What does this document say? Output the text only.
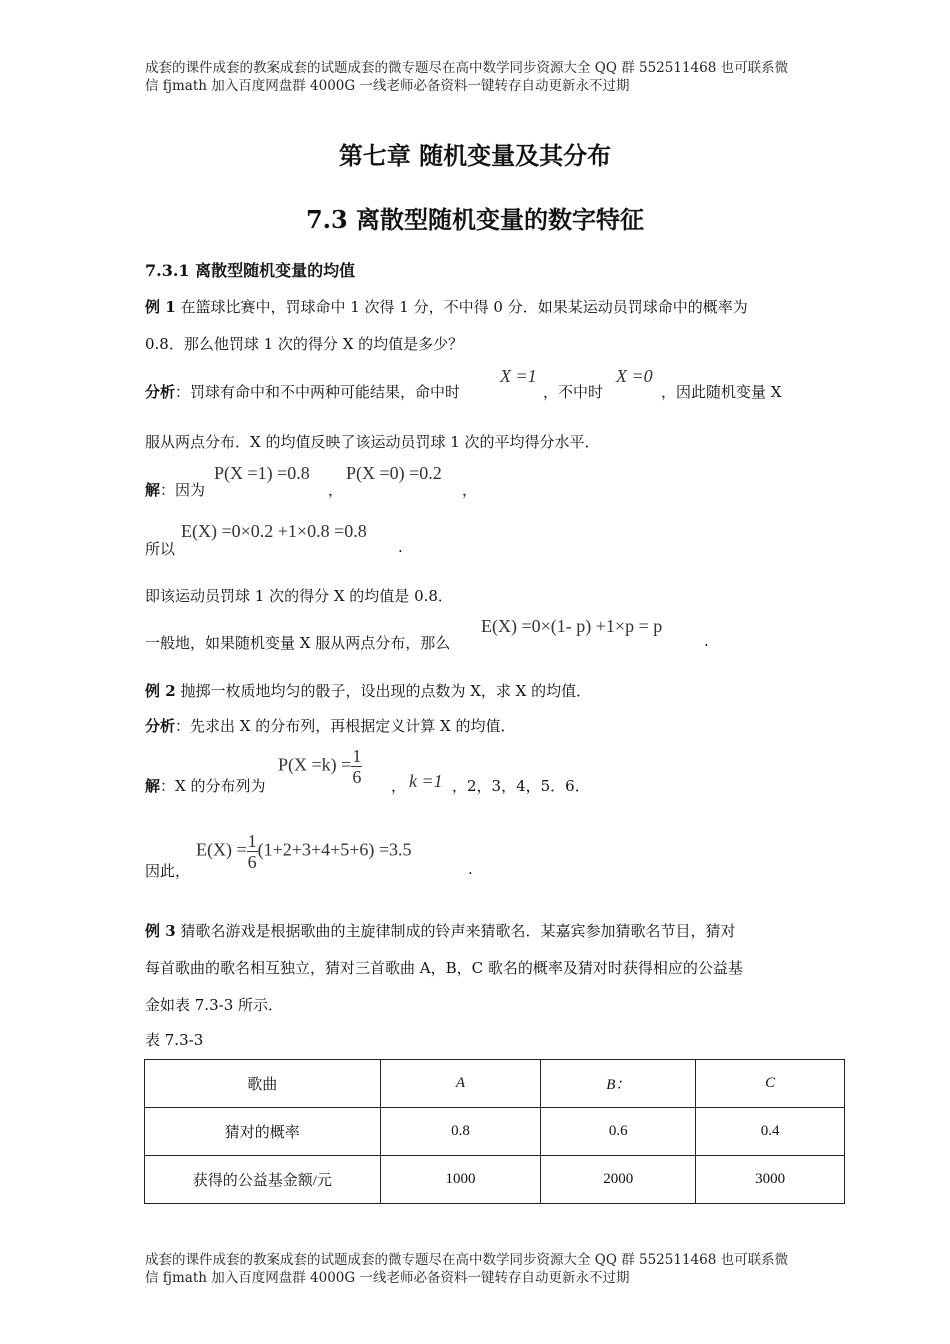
成套的课件成套的教案成套的试题成套的微专题尽在高中数学同步资源大全 QQ 群 552511468 也可联系微
信 fjmath 加入百度网盘群 4000G 一线老师必备资料一键转存自动更新永不过期
第七章 随机变量及其分布
7.3 离散型随机变量的数字特征
7.3.1 离散型随机变量的均值
例 1 在篮球比赛中，罚球命中 1 次得 1 分，不中得 0 分．如果某运动员罚球命中的概率为
0.8．那么他罚球 1 次的得分 X 的均值是多少？
分析：罚球有命中和不中两种可能结果，命中时
X =1
，不中时
X =0
，因此随机变量 X
服从两点分布．X 的均值反映了该运动员罚球 1 次的平均得分水平．
解：因为
P(X =1) =0.8
，
P(X =0) =0.2
，
所以
E(X) =0×0.2 +1×0.8 =0.8
.
即该运动员罚球 1 次的得分 X 的均值是 0.8．
一般地，如果随机变量 X 服从两点分布，那么
E(X) =0×(1- p) +1×p = p
.
例 2 抛掷一枚质地均匀的骰子，设出现的点数为 X，求 X 的均值．
分析：先求出 X 的分布列，再根据定义计算 X 的均值．
解：X 的分布列为
$P(X =k) = \frac{1}{6}$ ， k =1 ，2，3，4，5．6．
因此，
$E(X) = \frac{1}{6} (1+2+3+4+5+6) =3.5$
.
例 3 猜歌名游戏是根据歌曲的主旋律制成的铃声来猜歌名．某嘉宾参加猜歌名节目，猜对
每首歌曲的歌名相互独立，猜对三首歌曲 A，B，C 歌名的概率及猜对时获得相应的公益基
金如表 7.3-3 所示．
表 7.3-3
歌曲	A	B：	C
猜对的概率	0.8	0.6	0.4
获得的公益基金额/元	1000	2000	3000
成套的课件成套的教案成套的试题成套的微专题尽在高中数学同步资源大全 QQ 群 552511468 也可联系微
信 fjmath 加入百度网盘群 4000G 一线老师必备资料一键转存自动更新永不过期
